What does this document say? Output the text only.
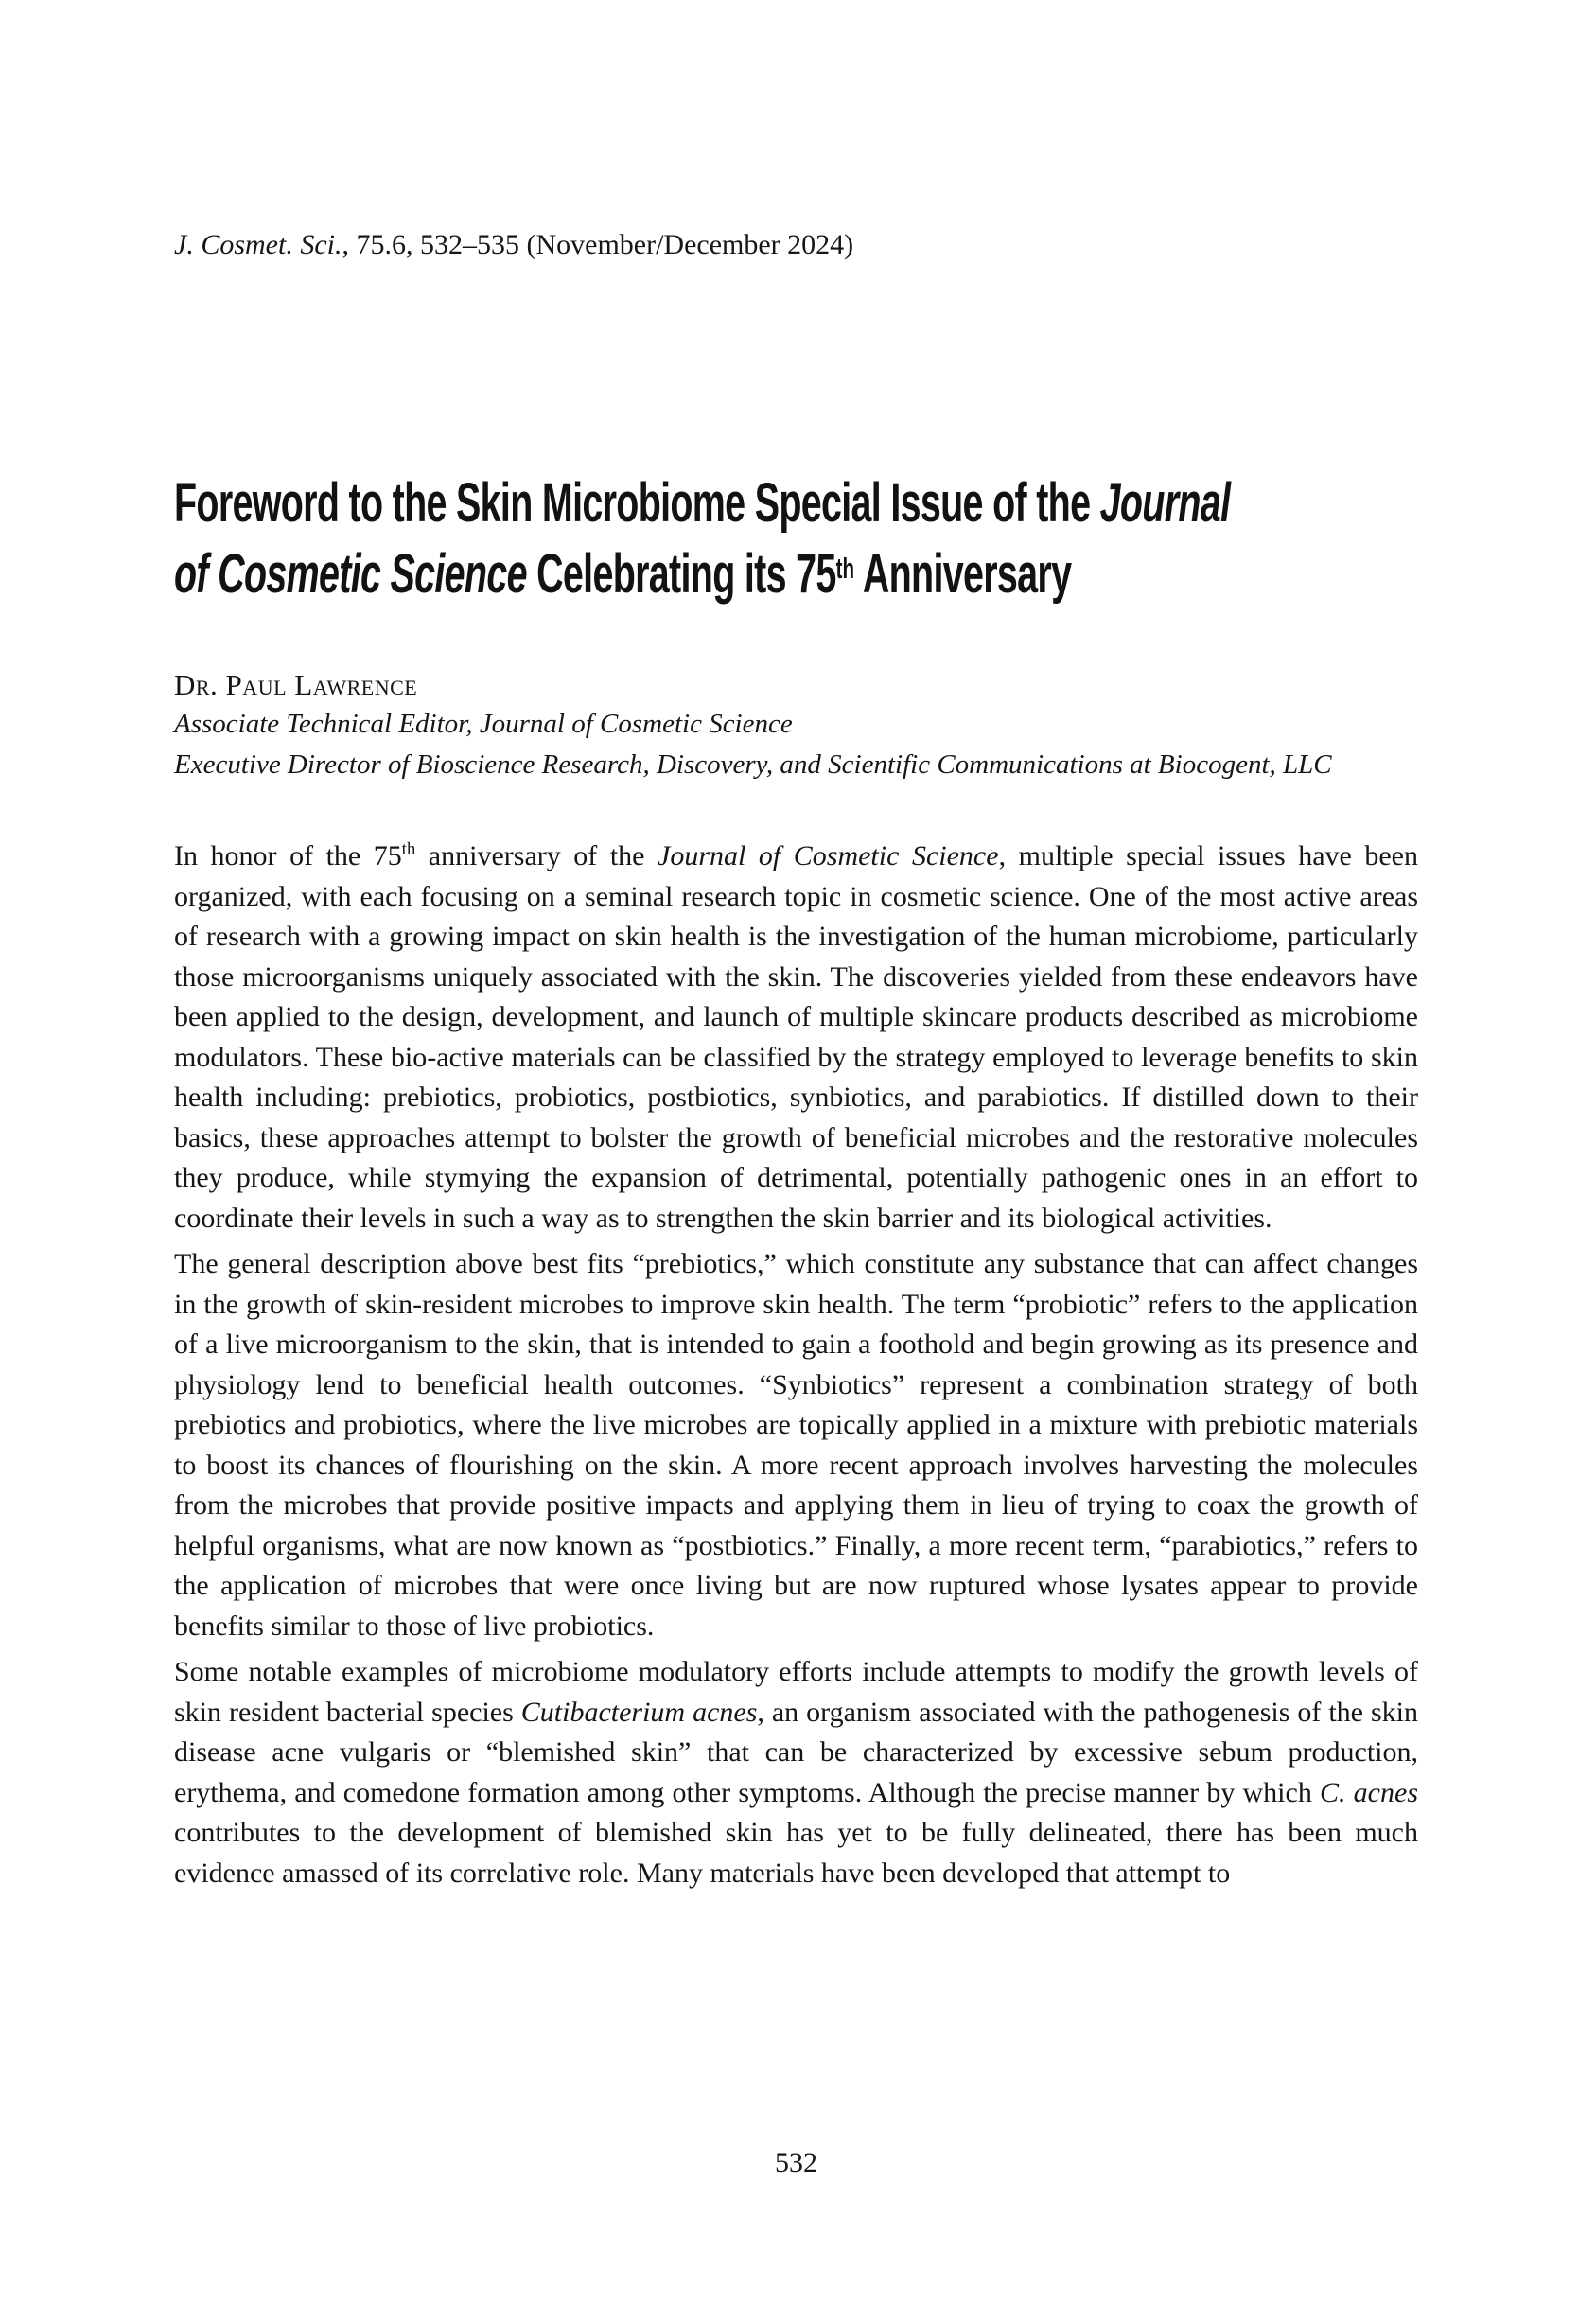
J. Cosmet. Sci., 75.6, 532–535 (November/December 2024)
Foreword to the Skin Microbiome Special Issue of the Journal
of Cosmetic Science Celebrating its 75th Anniversary
Dr. Paul Lawrence
Associate Technical Editor, Journal of Cosmetic Science
Executive Director of Bioscience Research, Discovery, and Scientific Communications at Biocogent, LLC

In honor of the 75th anniversary of the Journal of Cosmetic Science, multiple special issues have been organized, with each focusing on a seminal research topic in cosmetic science. One of the most active areas of research with a growing impact on skin health is the investigation of the human microbiome, particularly those microorganisms uniquely associated with the skin. The discoveries yielded from these endeavors have been applied to the design, development, and launch of multiple skincare products described as microbiome modulators. These bio-active materials can be classified by the strategy employed to leverage benefits to skin health including: prebiotics, probiotics, postbiotics, synbiotics, and parabiotics. If distilled down to their basics, these approaches attempt to bolster the growth of beneficial microbes and the restorative molecules they produce, while stymying the expansion of detrimental, potentially pathogenic ones in an effort to coordinate their levels in such a way as to strengthen the skin barrier and its biological activities.

The general description above best fits “prebiotics,” which constitute any substance that can affect changes in the growth of skin-resident microbes to improve skin health. The term “probiotic” refers to the application of a live microorganism to the skin, that is intended to gain a foothold and begin growing as its presence and physiology lend to beneficial health outcomes. “Synbiotics” represent a combination strategy of both prebiotics and probiotics, where the live microbes are topically applied in a mixture with prebiotic materials to boost its chances of flourishing on the skin. A more recent approach involves harvesting the molecules from the microbes that provide positive impacts and applying them in lieu of trying to coax the growth of helpful organisms, what are now known as “postbiotics.” Finally, a more recent term, “parabiotics,” refers to the application of microbes that were once living but are now ruptured whose lysates appear to provide benefits similar to those of live probiotics.

Some notable examples of microbiome modulatory efforts include attempts to modify the growth levels of skin resident bacterial species Cutibacterium acnes, an organism associated with the pathogenesis of the skin disease acne vulgaris or “blemished skin” that can be characterized by excessive sebum production, erythema, and comedone formation among other symptoms. Although the precise manner by which C. acnes contributes to the development of blemished skin has yet to be fully delineated, there has been much evidence amassed of its correlative role. Many materials have been developed that attempt to

532
